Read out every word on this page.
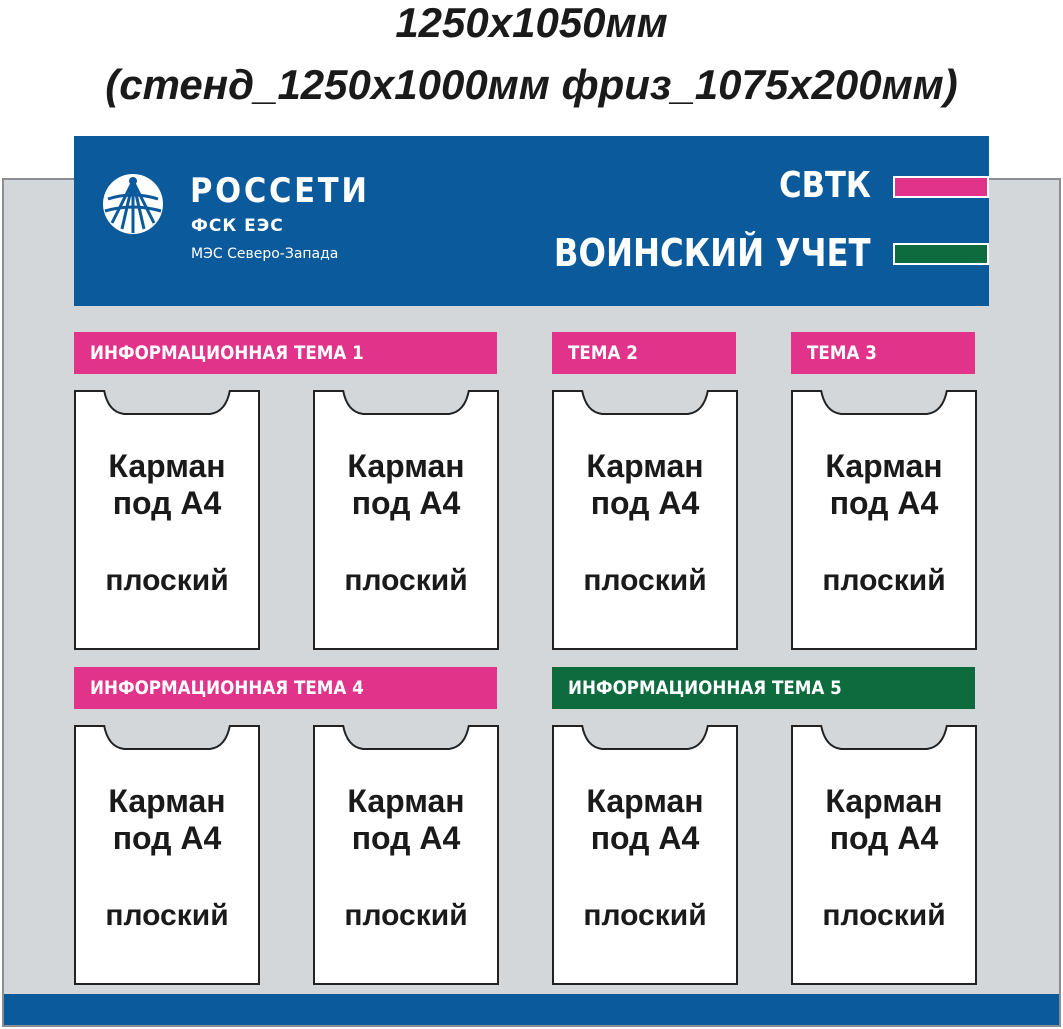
1250х1050мм
(стенд_1250х1000мм фриз_1075х200мм)
РОССЕТИ
ФСК ЕЭС
МЭС Северо-Запада
СВТК
ВОИНСКИЙ УЧЕТ
ИНФОРМАЦИОННАЯ ТЕМА 1	ТЕМА 2	ТЕМА 3
ИНФОРМАЦИОННАЯ ТЕМА 4	ИНФОРМАЦИОННАЯ ТЕМА 5
Карман
под А4
плоский
Карман
под А4
плоский
Карман
под А4
плоский
Карман
под А4
плоский
Карман
под А4
плоский
Карман
под А4
плоский
Карман
под А4
плоский
Карман
под А4
плоский
